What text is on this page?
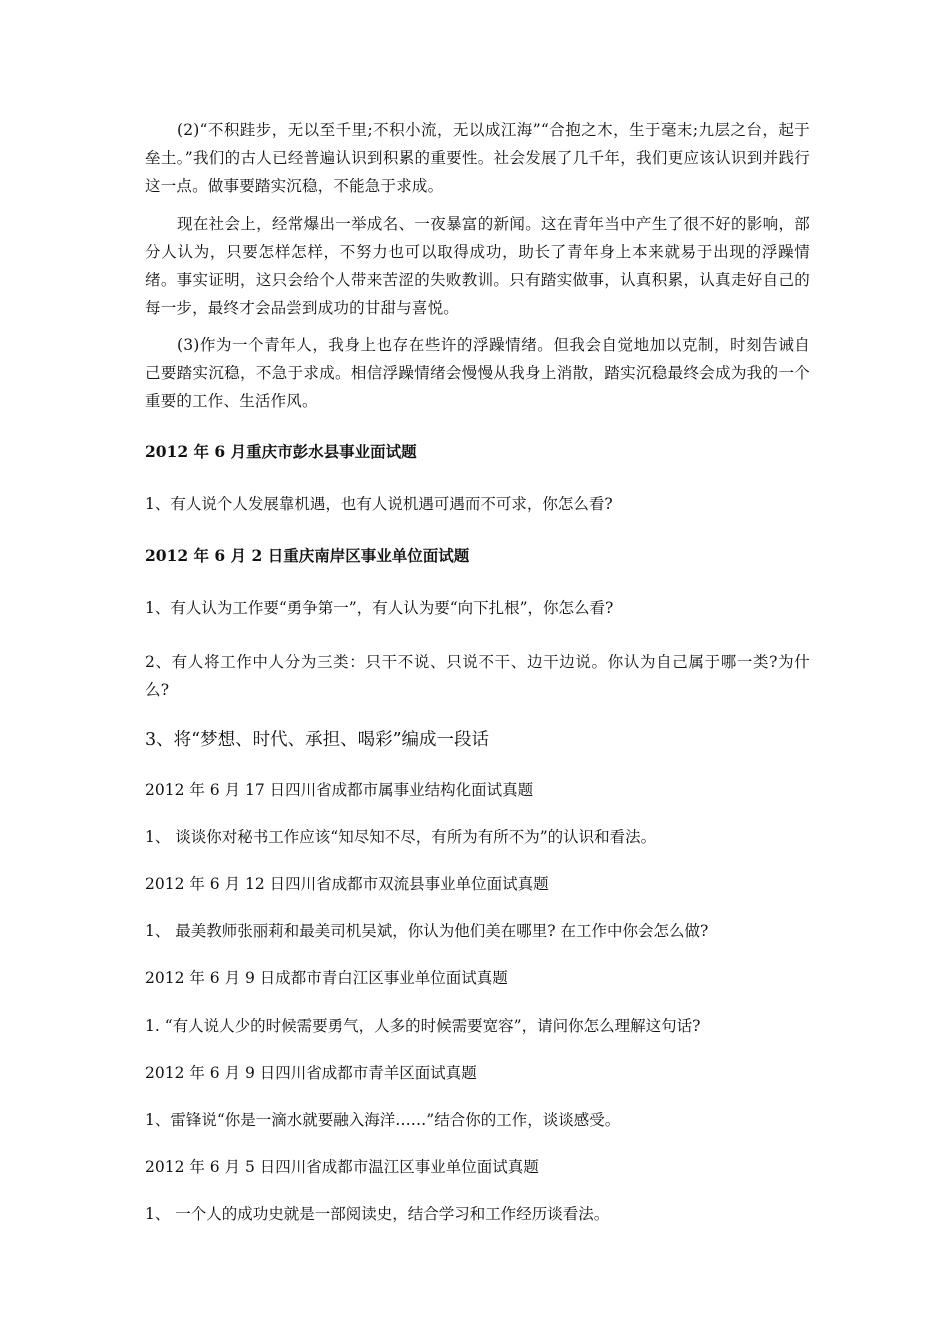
(2)“不积跬步，无以至千里;不积小流，无以成江海”“合抱之木，生于毫末;九层之台，起于垒土。”我们的古人已经普遍认识到积累的重要性。社会发展了几千年，我们更应该认识到并践行这一点。做事要踏实沉稳，不能急于求成。

现在社会上，经常爆出一举成名、一夜暴富的新闻。这在青年当中产生了很不好的影响，部分人认为，只要怎样怎样，不努力也可以取得成功，助长了青年身上本来就易于出现的浮躁情绪。事实证明，这只会给个人带来苦涩的失败教训。只有踏实做事，认真积累，认真走好自己的每一步，最终才会品尝到成功的甘甜与喜悦。

(3)作为一个青年人，我身上也存在些许的浮躁情绪。但我会自觉地加以克制，时刻告诫自己要踏实沉稳，不急于求成。相信浮躁情绪会慢慢从我身上消散，踏实沉稳最终会成为我的一个重要的工作、生活作风。

2012 年 6 月重庆市彭水县事业面试题

1、有人说个人发展靠机遇，也有人说机遇可遇而不可求，你怎么看?

2012 年 6 月 2 日重庆南岸区事业单位面试题

1、有人认为工作要“勇争第一”，有人认为要“向下扎根”，你怎么看?

2、有人将工作中人分为三类：只干不说、只说不干、边干边说。你认为自己属于哪一类?为什么?

3、将“梦想、时代、承担、喝彩”编成一段话

2012 年 6 月 17 日四川省成都市属事业结构化面试真题

1、 谈谈你对秘书工作应该“知尽知不尽，有所为有所不为”的认识和看法。

2012 年 6 月 12 日四川省成都市双流县事业单位面试真题

1、 最美教师张丽莉和最美司机吴斌，你认为他们美在哪里? 在工作中你会怎么做?

2012 年 6 月 9 日成都市青白江区事业单位面试真题

1. “有人说人少的时候需要勇气，人多的时候需要宽容”，请问你怎么理解这句话?

2012 年 6 月 9 日四川省成都市青羊区面试真题

1、雷锋说“你是一滴水就要融入海洋……”结合你的工作，谈谈感受。

2012 年 6 月 5 日四川省成都市温江区事业单位面试真题

1、 一个人的成功史就是一部阅读史，结合学习和工作经历谈看法。
